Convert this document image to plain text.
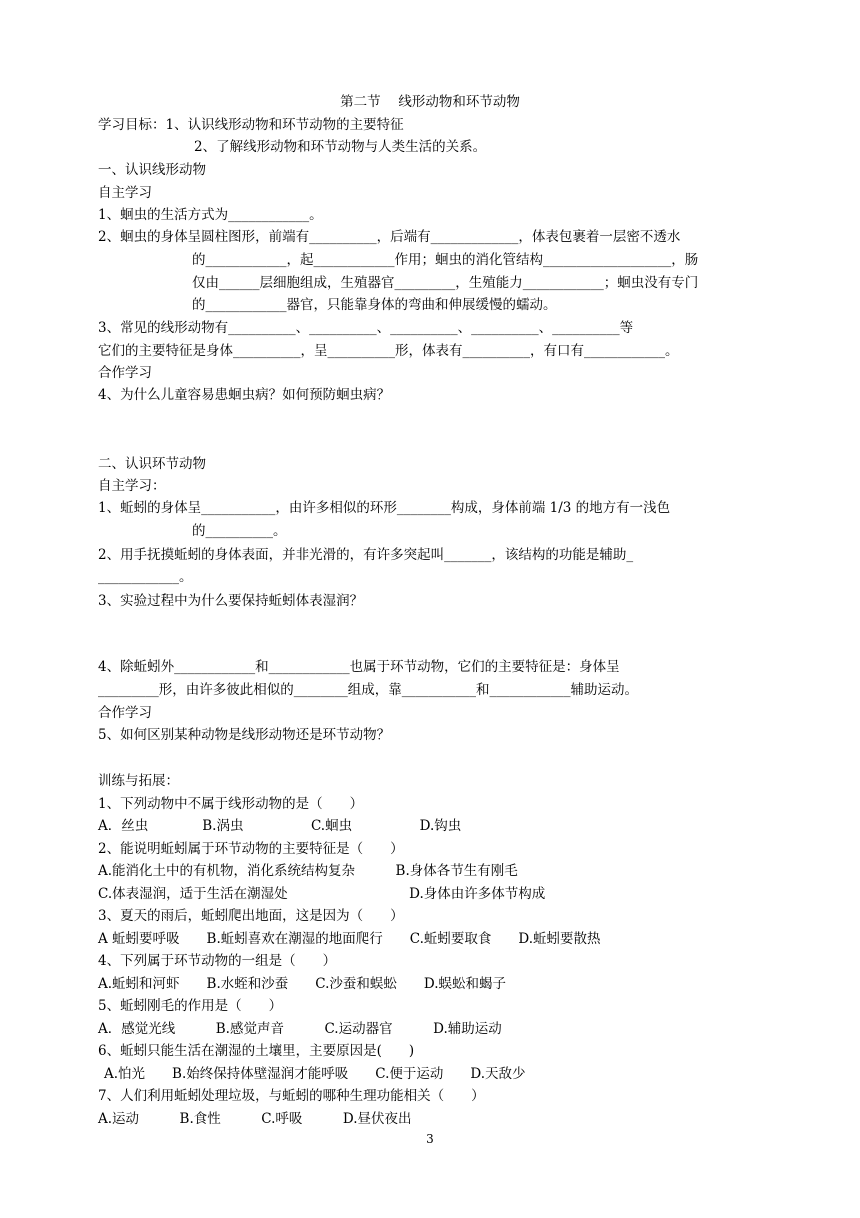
第二节　 线形动物和环节动物
学习目标：1、认识线形动物和环节动物的主要特征
2、了解线形动物和环节动物与人类生活的关系。
一、认识线形动物
自主学习
1、蛔虫的生活方式为____________。
2、蛔虫的身体呈圆柱图形，前端有__________，后端有_____________，体表包裹着一层密不透水
的____________，起____________作用；蛔虫的消化管结构___________________，肠
仅由______层细胞组成，生殖器官_________，生殖能力____________；蛔虫没有专门
的____________器官，只能靠身体的弯曲和伸展缓慢的蠕动。
3、常见的线形动物有__________、__________、__________、__________、__________等
它们的主要特征是身体__________，呈__________形，体表有__________，有口有____________。
合作学习
4、为什么儿童容易患蛔虫病？如何预防蛔虫病？
二、认识环节动物
自主学习：
1、蚯蚓的身体呈___________，由许多相似的环形________构成，身体前端 1/3 的地方有一浅色
的__________。
2、用手抚摸蚯蚓的身体表面，并非光滑的，有许多突起叫_______，该结构的功能是辅助_
____________。
3、实验过程中为什么要保持蚯蚓体表湿润？
4、除蚯蚓外____________和____________也属于环节动物，它们的主要特征是：身体呈
_________形，由许多彼此相似的________组成，靠___________和____________辅助运动。
合作学习
5、如何区别某种动物是线形动物还是环节动物？
训练与拓展：
1、下列动物中不属于线形动物的是（　　）
A．丝虫　　　　B.涡虫　　　　　C.蛔虫　　　　　D.钩虫
2、能说明蚯蚓属于环节动物的主要特征是（　　）
A.能消化土中的有机物，消化系统结构复杂　　　B.身体各节生有刚毛
C.体表湿润，适于生活在潮湿处　　　　　　　　　D.身体由许多体节构成
3、夏天的雨后，蚯蚓爬出地面，这是因为（　　）
A 蚯蚓要呼吸　　B.蚯蚓喜欢在潮湿的地面爬行　　C.蚯蚓要取食　　D.蚯蚓要散热
4、下列属于环节动物的一组是（　　）
A.蚯蚓和河虾　　B.水蛭和沙蚕　　C.沙蚕和蜈蚣　　D.蜈蚣和蝎子
5、蚯蚓刚毛的作用是（　　）
A．感觉光线　　　B.感觉声音　　　C.运动器官　　　D.辅助运动
6、蚯蚓只能生活在潮湿的土壤里，主要原因是(　　)
A.怕光　　B.始终保持体壁湿润才能呼吸　　C.便于运动　　D.天敌少
7、人们利用蚯蚓处理垃圾，与蚯蚓的哪种生理功能相关（　　）
A.运动　　　B.食性　　　C.呼吸　　　D.昼伏夜出
3
